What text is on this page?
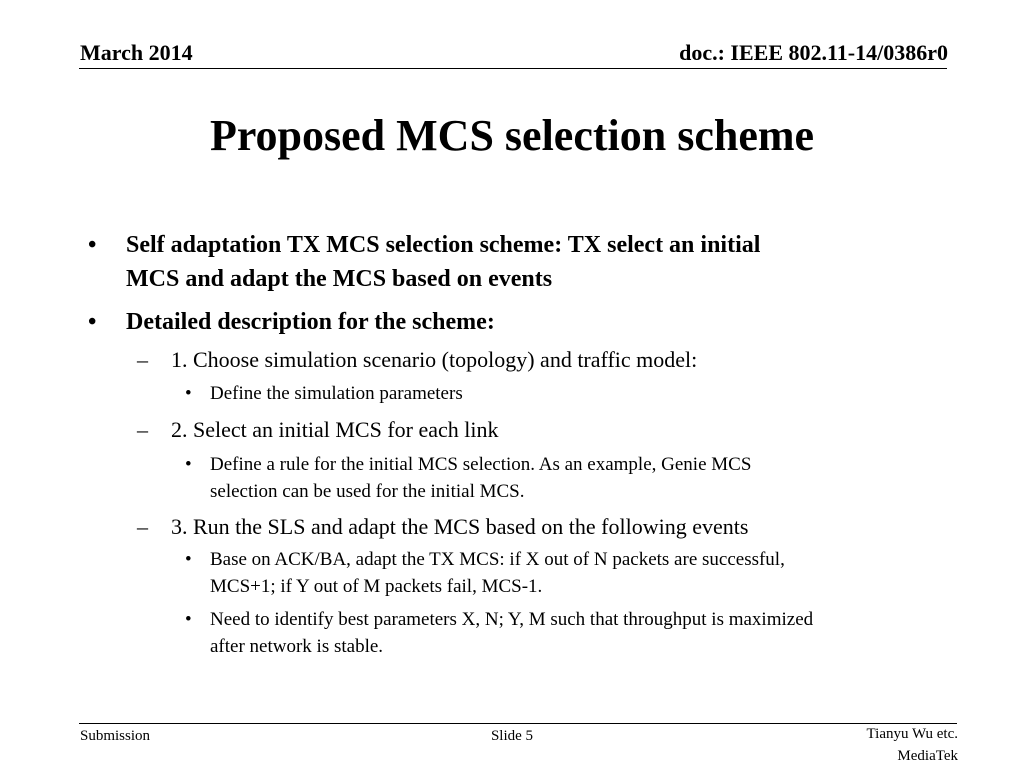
March 2014	doc.: IEEE 802.11-14/0386r0
Proposed MCS selection scheme
• Self adaptation TX MCS selection scheme: TX select an initial
MCS and adapt the MCS based on events
• Detailed description for the scheme:
– 1. Choose simulation scenario (topology) and traffic model:
• Define the simulation parameters
– 2. Select an initial MCS for each link
• Define a rule for the initial MCS selection. As an example, Genie MCS
selection can be used for the initial MCS.
– 3. Run the SLS and adapt the MCS based on the following events
• Base on ACK/BA, adapt the TX MCS: if X out of N packets are successful,
MCS+1; if Y out of M packets fail, MCS-1.
• Need to identify best parameters X, N; Y, M such that throughput is maximized
after network is stable.
Submission	Slide 5	Tianyu Wu etc.
MediaTek
